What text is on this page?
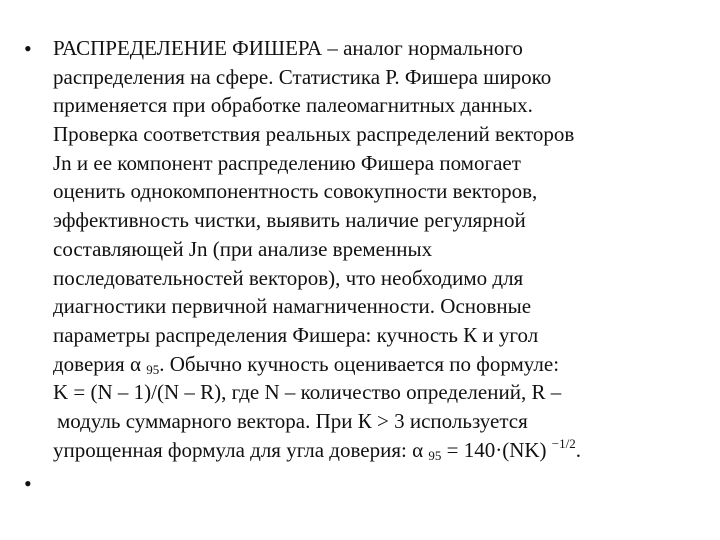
• РАСПРЕДЕЛЕНИЕ ФИШЕРА – аналог нормального
распределения на сфере. Статистика Р. Фишера широко
применяется при обработке палеомагнитных данных.
Проверка соответствия реальных распределений векторов
Jn и ее компонент распределению Фишера помогает
оценить однокомпонентность совокупности векторов,
эффективность чистки, выявить наличие регулярной
составляющей Jn (при анализе временных
последовательностей векторов), что необходимо для
диагностики первичной намагниченности. Основные
параметры распределения Фишера: кучность К и угол
доверия α $_{95}$. Обычно кучность оценивается по формуле:
K = (N – 1)/(N – R), где N – количество определений, R –
модуль суммарного вектора. При К > 3 используется
упрощенная формула для угла доверия: α $_{95}$ = 140·(NK) $^{-1/2}$.
•
